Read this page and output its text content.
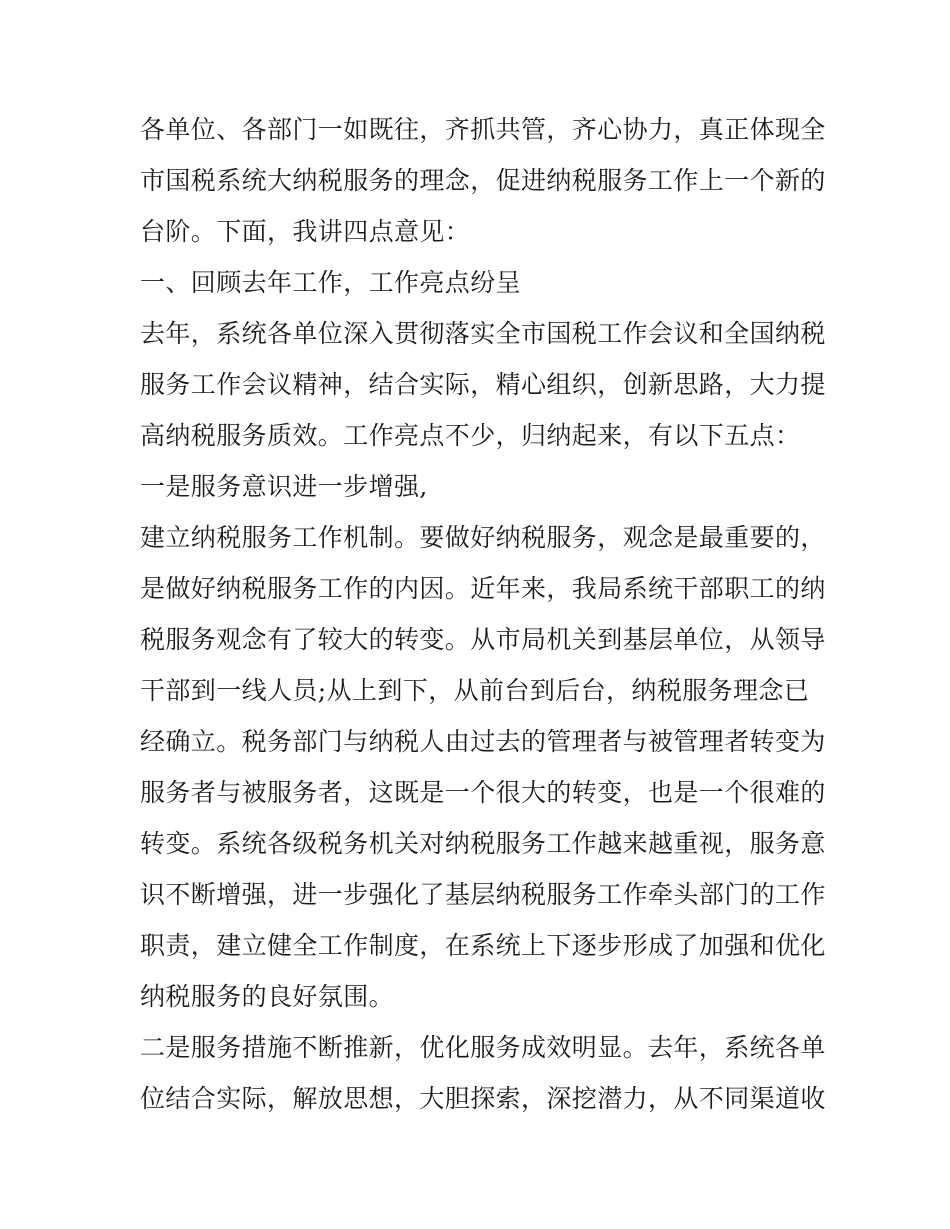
各单位、各部门一如既往，齐抓共管，齐心协力，真正体现全
市国税系统大纳税服务的理念，促进纳税服务工作上一个新的
台阶。下面，我讲四点意见：
一、回顾去年工作，工作亮点纷呈
去年，系统各单位深入贯彻落实全市国税工作会议和全国纳税
服务工作会议精神，结合实际，精心组织，创新思路，大力提
高纳税服务质效。工作亮点不少，归纳起来，有以下五点：
一是服务意识进一步增强,
建立纳税服务工作机制。要做好纳税服务，观念是最重要的，
是做好纳税服务工作的内因。近年来，我局系统干部职工的纳
税服务观念有了较大的转变。从市局机关到基层单位，从领导
干部到一线人员;从上到下，从前台到后台，纳税服务理念已
经确立。税务部门与纳税人由过去的管理者与被管理者转变为
服务者与被服务者，这既是一个很大的转变，也是一个很难的
转变。系统各级税务机关对纳税服务工作越来越重视，服务意
识不断增强，进一步强化了基层纳税服务工作牵头部门的工作
职责，建立健全工作制度，在系统上下逐步形成了加强和优化
纳税服务的良好氛围。
二是服务措施不断推新，优化服务成效明显。去年，系统各单
位结合实际，解放思想，大胆探索，深挖潜力，从不同渠道收
